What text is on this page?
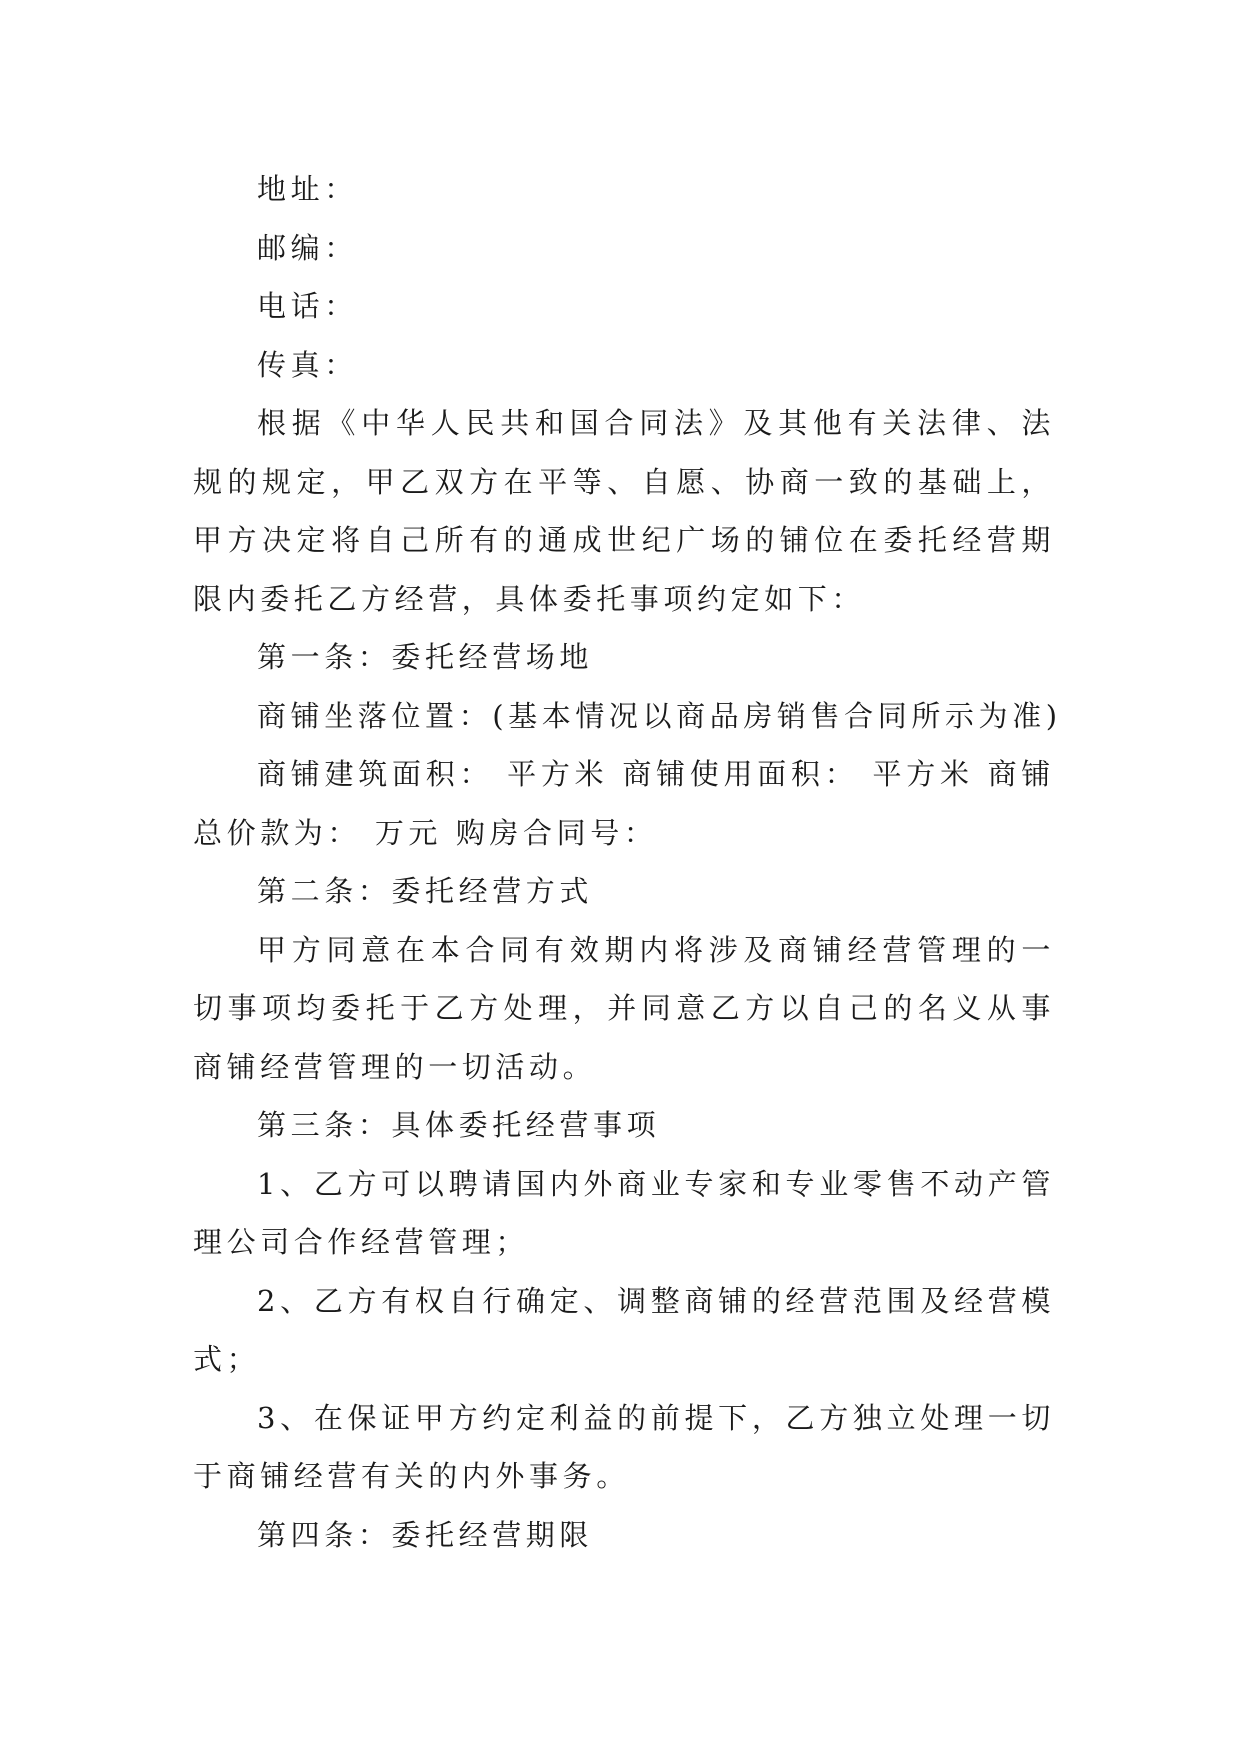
地址：

邮编：

电话：

传真：

根据《中华人民共和国合同法》及其他有关法律、法规的规定，甲乙双方在平等、自愿、协商一致的基础上，甲方决定将自己所有的通成世纪广场的铺位在委托经营期限内委托乙方经营，具体委托事项约定如下：

第一条：委托经营场地

商铺坐落位置：(基本情况以商品房销售合同所示为准)

商铺建筑面积： 平方米 商铺使用面积： 平方米 商铺总价款为： 万元 购房合同号：

第二条：委托经营方式

甲方同意在本合同有效期内将涉及商铺经营管理的一切事项均委托于乙方处理，并同意乙方以自己的名义从事商铺经营管理的一切活动。

第三条：具体委托经营事项

1、乙方可以聘请国内外商业专家和专业零售不动产管理公司合作经营管理；

2、乙方有权自行确定、调整商铺的经营范围及经营模式；

3、在保证甲方约定利益的前提下，乙方独立处理一切于商铺经营有关的内外事务。

第四条：委托经营期限
